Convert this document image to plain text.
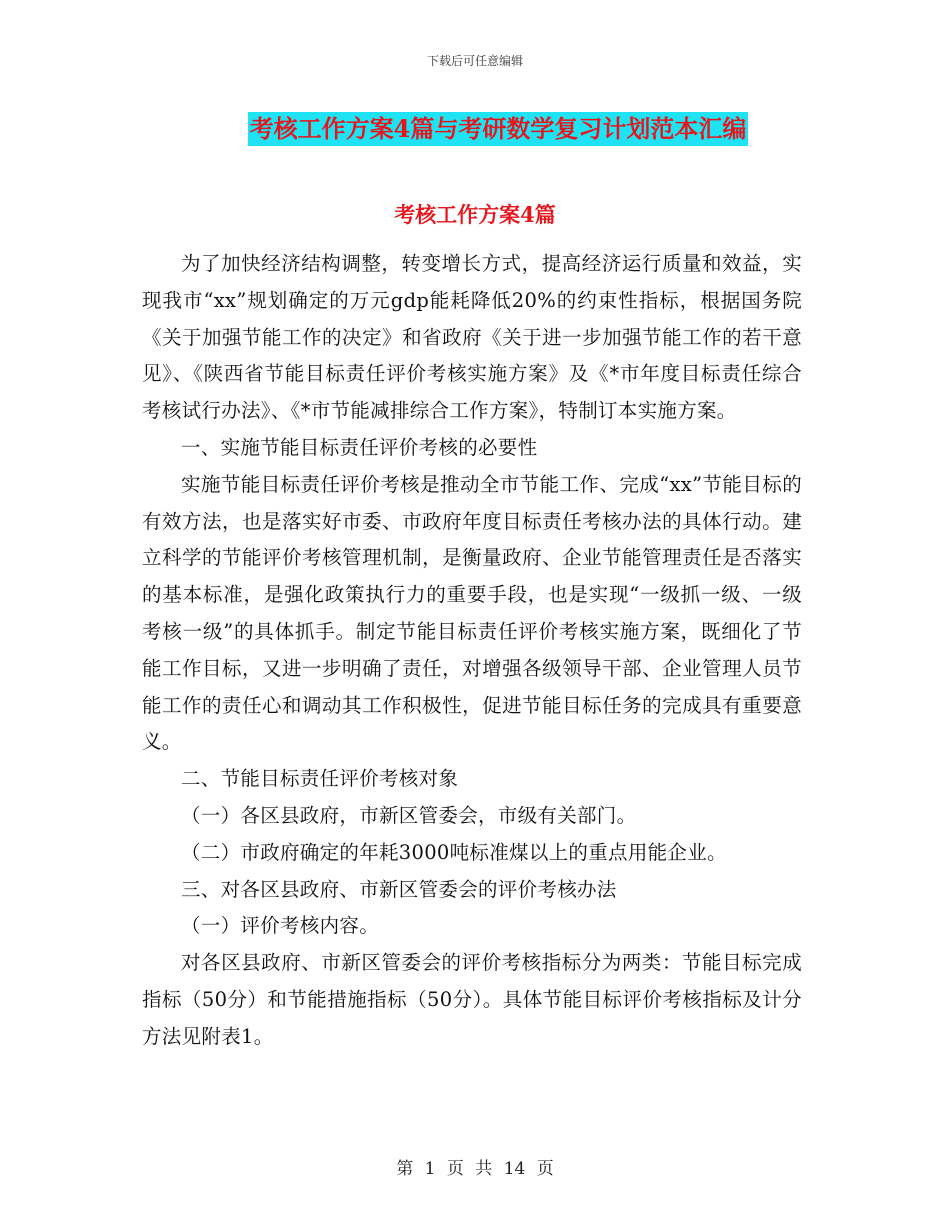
下载后可任意编辑
考核工作方案4篇与考研数学复习计划范本汇编
考核工作方案4篇

为了加快经济结构调整，转变增长方式，提高经济运行质量和效益，实现我市“xx”规划确定的万元gdp能耗降低20%的约束性指标，根据国务院《关于加强节能工作的决定》和省政府《关于进一步加强节能工作的若干意见》、《陕西省节能目标责任评价考核实施方案》及《*市年度目标责任综合考核试行办法》、《*市节能减排综合工作方案》，特制订本实施方案。

一、实施节能目标责任评价考核的必要性

实施节能目标责任评价考核是推动全市节能工作、完成“xx”节能目标的有效方法，也是落实好市委、市政府年度目标责任考核办法的具体行动。建立科学的节能评价考核管理机制，是衡量政府、企业节能管理责任是否落实的基本标准，是强化政策执行力的重要手段，也是实现“一级抓一级、一级考核一级”的具体抓手。制定节能目标责任评价考核实施方案，既细化了节能工作目标，又进一步明确了责任，对增强各级领导干部、企业管理人员节能工作的责任心和调动其工作积极性，促进节能目标任务的完成具有重要意义。

二、节能目标责任评价考核对象

（一）各区县政府，市新区管委会，市级有关部门。

（二）市政府确定的年耗3000吨标准煤以上的重点用能企业。

三、对各区县政府、市新区管委会的评价考核办法

（一）评价考核内容。

对各区县政府、市新区管委会的评价考核指标分为两类：节能目标完成指标（50分）和节能措施指标（50分）。具体节能目标评价考核指标及计分方法见附表1。

第 1 页 共 14 页
